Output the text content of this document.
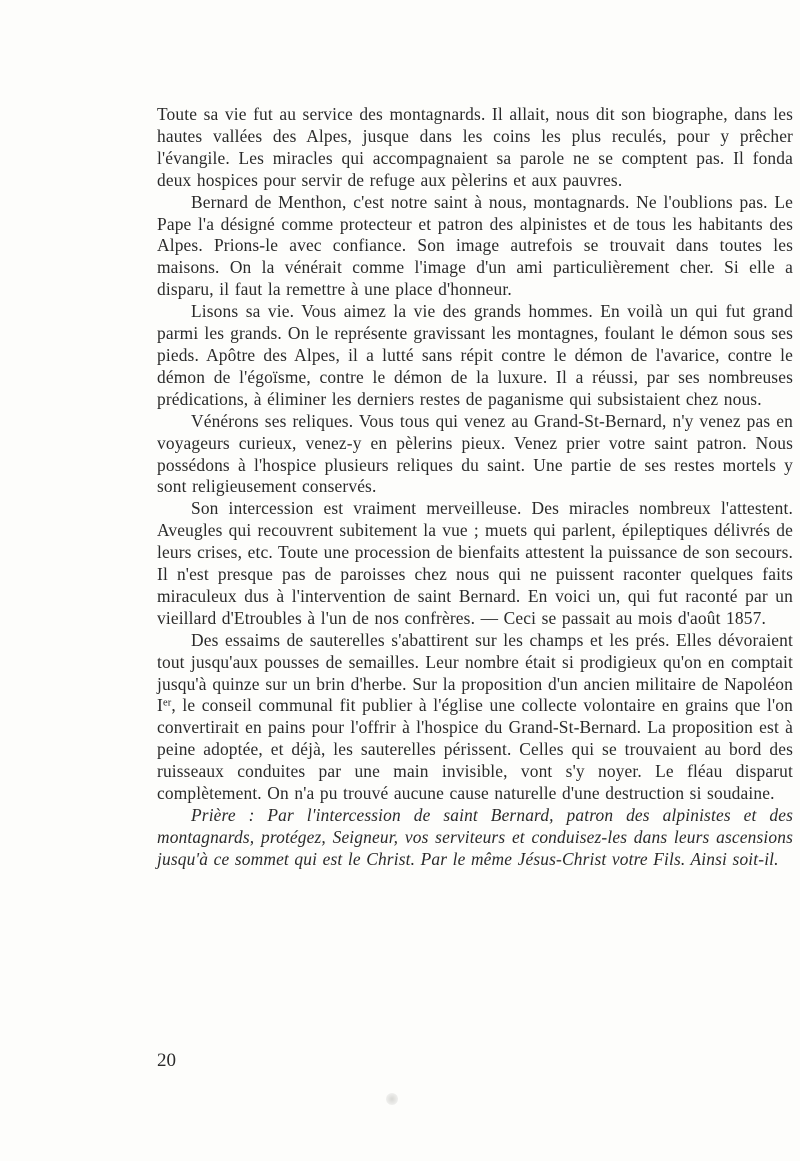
Toute sa vie fut au service des montagnards. Il allait, nous dit son biographe, dans les hautes vallées des Alpes, jusque dans les coins les plus reculés, pour y prêcher l'évangile. Les miracles qui accompagnaient sa parole ne se comptent pas. Il fonda deux hospices pour servir de refuge aux pèlerins et aux pauvres.

Bernard de Menthon, c'est notre saint à nous, montagnards. Ne l'oublions pas. Le Pape l'a désigné comme protecteur et patron des alpinistes et de tous les habitants des Alpes. Prions-le avec confiance. Son image autrefois se trouvait dans toutes les maisons. On la vénérait comme l'image d'un ami particulièrement cher. Si elle a disparu, il faut la remettre à une place d'honneur.

Lisons sa vie. Vous aimez la vie des grands hommes. En voilà un qui fut grand parmi les grands. On le représente gravissant les montagnes, foulant le démon sous ses pieds. Apôtre des Alpes, il a lutté sans répit contre le démon de l'avarice, contre le démon de l'égoïsme, contre le démon de la luxure. Il a réussi, par ses nombreuses prédications, à éliminer les derniers restes de paganisme qui subsistaient chez nous.

Vénérons ses reliques. Vous tous qui venez au Grand-St-Bernard, n'y venez pas en voyageurs curieux, venez-y en pèlerins pieux. Venez prier votre saint patron. Nous possédons à l'hospice plusieurs reliques du saint. Une partie de ses restes mortels y sont religieusement conservés.

Son intercession est vraiment merveilleuse. Des miracles nombreux l'attestent. Aveugles qui recouvrent subitement la vue ; muets qui parlent, épileptiques délivrés de leurs crises, etc. Toute une procession de bienfaits attestent la puissance de son secours. Il n'est presque pas de paroisses chez nous qui ne puissent raconter quelques faits miraculeux dus à l'intervention de saint Bernard. En voici un, qui fut raconté par un vieillard d'Etroubles à l'un de nos confrères. — Ceci se passait au mois d'août 1857.

Des essaims de sauterelles s'abattirent sur les champs et les prés. Elles dévoraient tout jusqu'aux pousses de semailles. Leur nombre était si prodigieux qu'on en comptait jusqu'à quinze sur un brin d'herbe. Sur la proposition d'un ancien militaire de Napoléon Ier, le conseil communal fit publier à l'église une collecte volontaire en grains que l'on convertirait en pains pour l'offrir à l'hospice du Grand-St-Bernard. La proposition est à peine adoptée, et déjà, les sauterelles périssent. Celles qui se trouvaient au bord des ruisseaux conduites par une main invisible, vont s'y noyer. Le fléau disparut complètement. On n'a pu trouvé aucune cause naturelle d'une destruction si soudaine.

Prière : Par l'intercession de saint Bernard, patron des alpinistes et des montagnards, protégez, Seigneur, vos serviteurs et conduisez-les dans leurs ascensions jusqu'à ce sommet qui est le Christ. Par le même Jésus-Christ votre Fils. Ainsi soit-il.

20
